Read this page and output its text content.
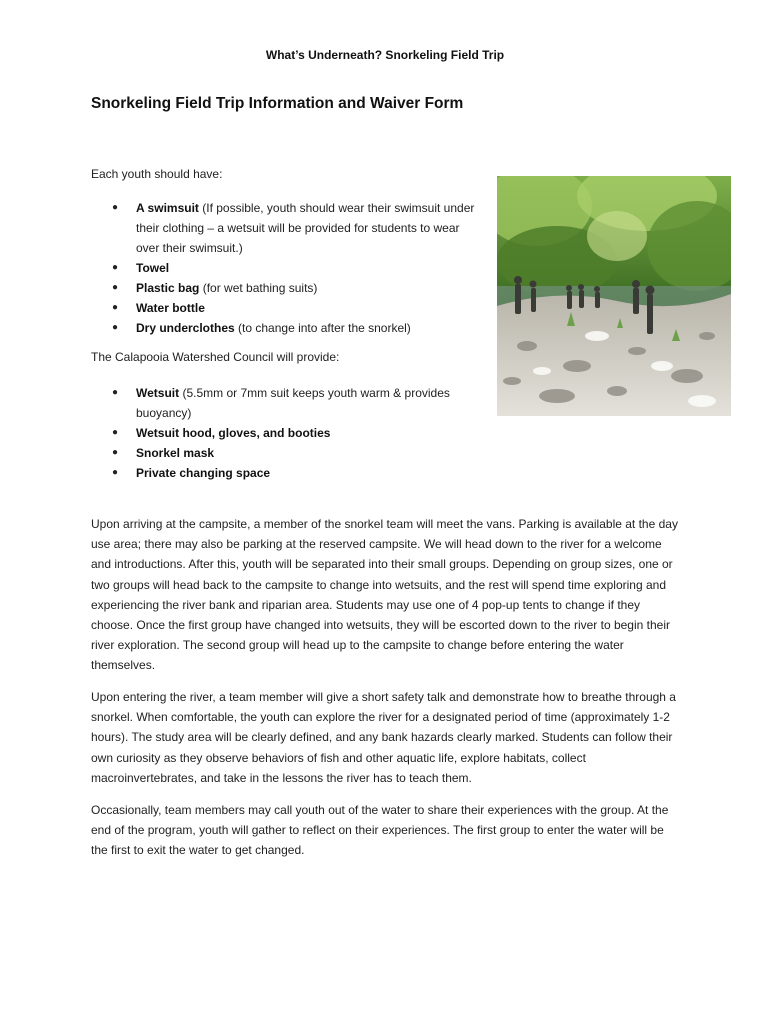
What’s Underneath? Snorkeling Field Trip
Snorkeling Field Trip Information and Waiver Form
Each youth should have:
● A swimsuit (If possible, youth should wear their swimsuit under their clothing – a wetsuit will be provided for students to wear over their swimsuit.)
● Towel
● Plastic bag (for wet bathing suits)
● Water bottle
● Dry underclothes (to change into after the snorkel)
The Calapooia Watershed Council will provide:
● Wetsuit (5.5mm or 7mm suit keeps youth warm & provides buoyancy)
● Wetsuit hood, gloves, and booties
● Snorkel mask
● Private changing space

Upon arriving at the campsite, a member of the snorkel team will meet the vans. Parking is available at the day use area; there may also be parking at the reserved campsite. We will head down to the river for a welcome and introductions. After this, youth will be separated into their small groups. Depending on group sizes, one or two groups will head back to the campsite to change into wetsuits, and the rest will spend time exploring and experiencing the river bank and riparian area. Students may use one of 4 pop-up tents to change if they choose. Once the first group have changed into wetsuits, they will be escorted down to the river to begin their river exploration. The second group will head up to the campsite to change before entering the water themselves.

Upon entering the river, a team member will give a short safety talk and demonstrate how to breathe through a snorkel. When comfortable, the youth can explore the river for a designated period of time (approximately 1-2 hours). The study area will be clearly defined, and any bank hazards clearly marked. Students can follow their own curiosity as they observe behaviors of fish and other aquatic life, explore habitats, collect macroinvertebrates, and take in the lessons the river has to teach them.

Occasionally, team members may call youth out of the water to share their experiences with the group. At the end of the program, youth will gather to reflect on their experiences. The first group to enter the water will be the first to exit the water to get changed.
